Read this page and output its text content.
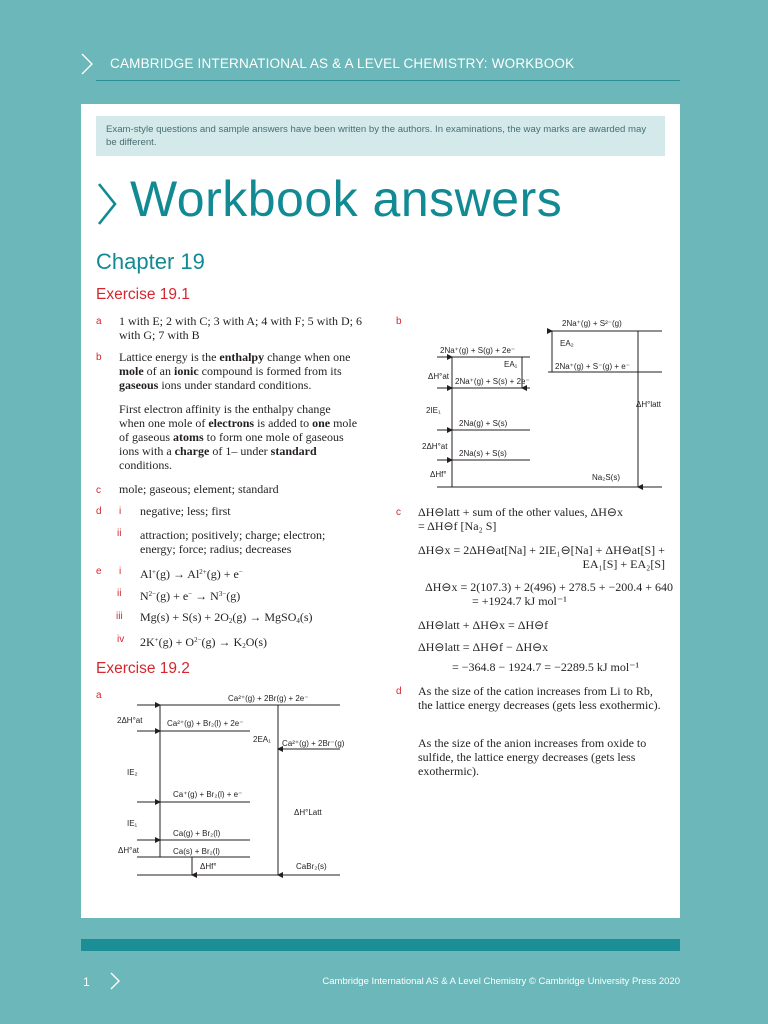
CAMBRIDGE INTERNATIONAL AS & A LEVEL CHEMISTRY: WORKBOOK
Exam-style questions and sample answers have been written by the authors. In examinations, the way marks are awarded may be different.
Workbook answers
Chapter 19
Exercise 19.1
a 1 with E; 2 with C; 3 with A; 4 with F; 5 with D; 6 with G; 7 with B
b Lattice energy is the enthalpy change when one mole of an ionic compound is formed from its gaseous ions under standard conditions.
First electron affinity is the enthalpy change when one mole of electrons is added to one mole of gaseous atoms to form one mole of gaseous ions with a charge of 1– under standard conditions.
c mole; gaseous; element; standard
d i negative; less; first
ii attraction; positively; charge; electron; energy; force; radius; decreases
e i $Al^+(g) \to Al^{2+}(g) + e^-$
ii $N^{2-}(g) + e^- \to N^{3-}(g)$
iii $Mg(s) + S(s) + 2O_2(g)$ → MgSO$_4$(s)
iv $2K^+(g) + O^{2-}(g) \to K_2O(s)$
Exercise 19.2
a	Ca²⁺(g) + 2Br(g) + 2e⁻
2ΔH°at	Ca²⁺(g) + Br₂(l) + 2e⁻
2EA₁ Ca²⁺(g) + 2Br⁻(g)
IE₂
Ca⁺(g) + Br₂(l) + e⁻
ΔH°Latt
IE₁
Ca(g) + Br₂(l)
ΔH°at	Ca(s) + Br₂(l)
ΔHf°	CaBr₂(s)
b	2Na⁺(g) + S²⁻(g)
EA₂
2Na⁺(g) + S(g) + 2e⁻
EA₁	2Na⁺(g) + S⁻(g) + e⁻
ΔH°at
2Na⁺(g) + S(s) + 2e⁻
ΔH°latt
2IE₁
2Na(g) + S(s)
2ΔH°at
2Na(s) + S(s)
ΔHf°	Na₂S(s)
c ΔH⊖latt + sum of the other values, ΔH⊖x
= ΔH⊖f [Na₂ S]
ΔH⊖x = 2ΔH⊖at[Na] + 2IE₁⊖[Na] + ΔH⊖at[S] +
EA₁[S] + EA₂[S]
ΔH⊖x = 2(107.3) + 2(496) + 278.5 + −200.4 + 640
= +1924.7 kJ mol⁻¹
ΔH⊖latt + ΔH⊖x = ΔH⊖f
ΔH⊖latt = ΔH⊖f − ΔH⊖x
= −364.8 − 1924.7 = −2289.5 kJ mol⁻¹
d As the size of the cation increases from Li to Rb, the lattice energy decreases (gets less exothermic).
As the size of the anion increases from oxide to sulfide, the lattice energy decreases (gets less exothermic).
1	Cambridge International AS & A Level Chemistry © Cambridge University Press 2020
